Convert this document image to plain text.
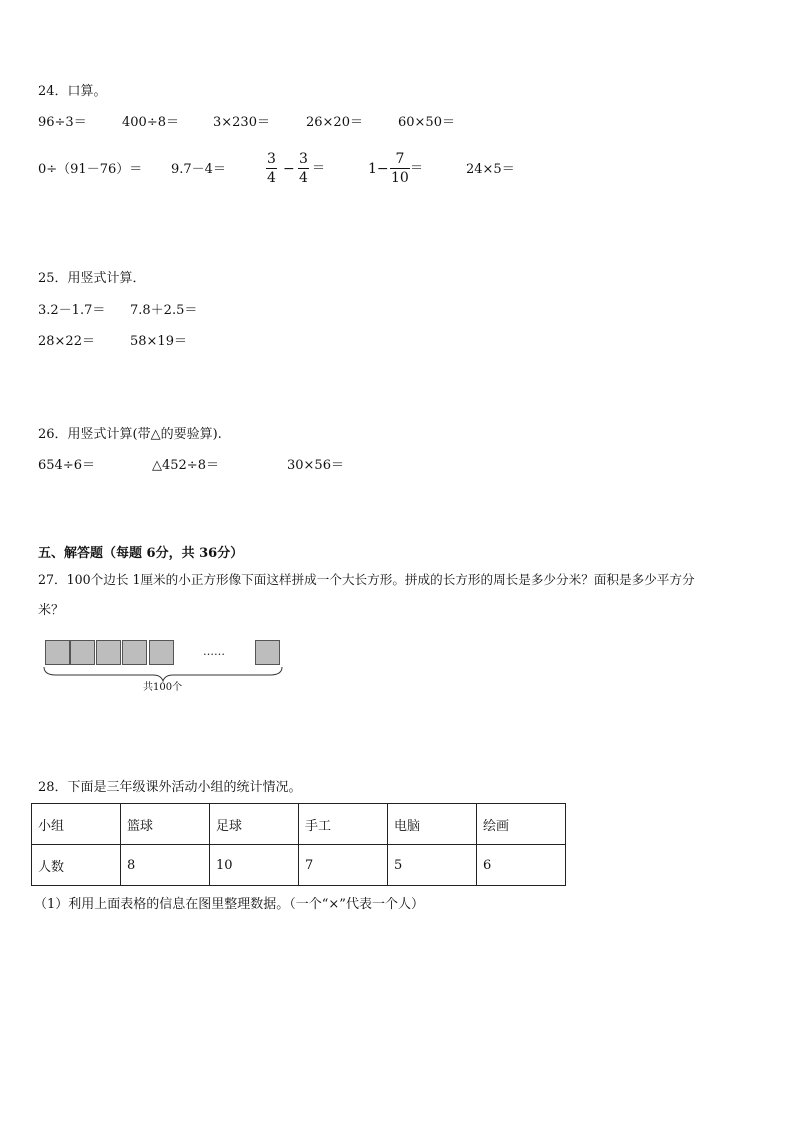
24．口算。
96÷3＝	400÷8＝	3×230＝	26×20＝	60×50＝
0÷（91－76）＝ 9.7－4＝
3
4
−
3
4
＝	1−
7
10
＝	24×5＝
25．用竖式计算．
3.2－1.7＝ 7.8＋2.5＝
28×22＝	58×19＝
26．用竖式计算(带△的要验算).
654÷6＝	△452÷8＝	30×56＝
五、解答题（每题 6分，共 36分）
27．100个边长 1厘米的小正方形像下面这样拼成一个大长方形。拼成的长方形的周长是多少分米？面积是多少平方分
米？
……
共100个
28．下面是三年级课外活动小组的统计情况。
小组	篮球	足球	手工	电脑	绘画
人数	8	10	7	5	6
（1）利用上面表格的信息在图里整理数据。（一个“×”代表一个人）
